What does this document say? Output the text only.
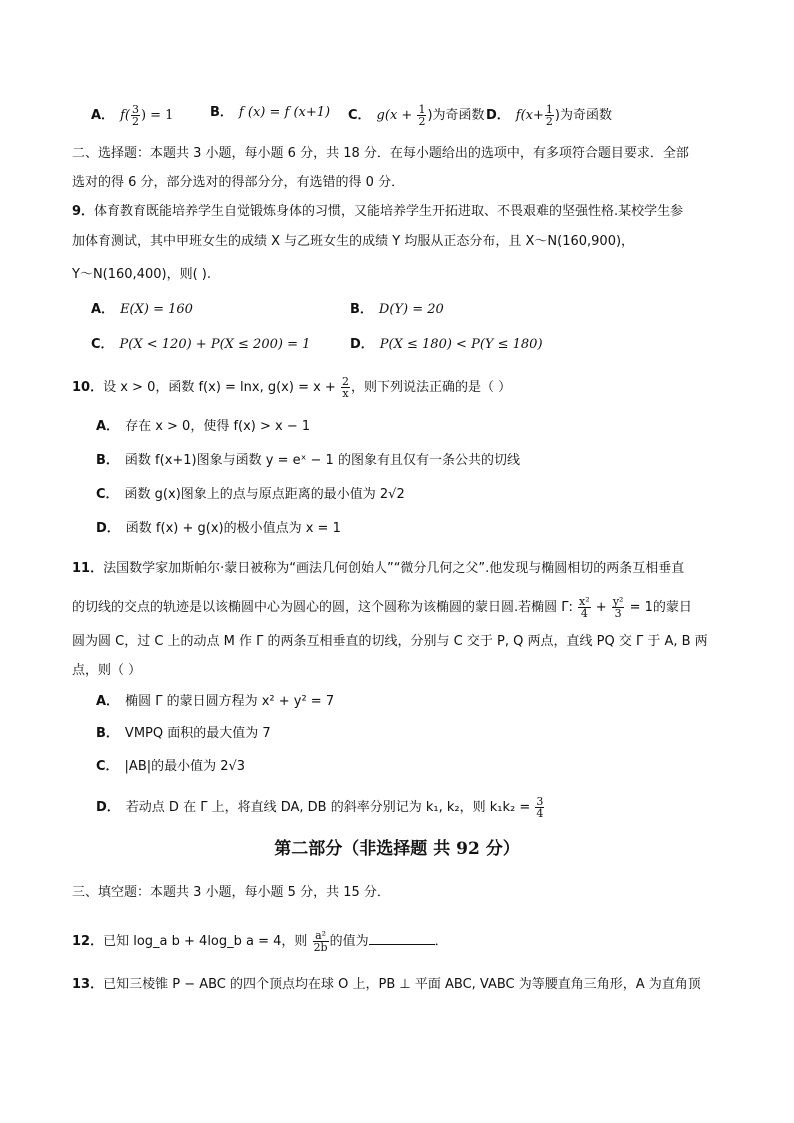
A． $f( \frac{3}{2}$ ) = 1	B． f (x) = f (x+1) C． $g(x + \frac{1}{2}$ )为奇函数 D． $f(x+ \frac{1}{2}$ )为奇函数
二、选择题：本题共 3 小题，每小题 6 分，共 18 分．在每小题给出的选项中，有多项符合题目要求．全部
选对的得 6 分，部分选对的得部分分，有选错的得 0 分．
9．体育教育既能培养学生自觉锻炼身体的习惯，又能培养学生开拓进取、不畏艰难的坚强性格.某校学生参
加体育测试，其中甲班女生的成绩 X 与乙班女生的成绩 Y 均服从正态分布，且 X～N(160,900)，
Y～N(160,400)，则( ).
A． E(X) = 160	B． D(Y) = 20
C． P(X < 120) + P(X ≤ 200) = 1	D． P(X ≤ 180) < P(Y ≤ 180)
10．设 x > 0，函数 f(x) = lnx, $g(x) = x + \frac{2}{x}$ ，则下列说法正确的是（ ）
A． 存在 x > 0，使得 f(x) > x − 1
B． 函数 f(x+1)图象与函数 y = eˣ − 1 的图象有且仅有一条公共的切线
C． 函数 g(x)图象上的点与原点距离的最小值为 2√2
D． 函数 f(x) + g(x)的极小值点为 x = 1
11．法国数学家加斯帕尔·蒙日被称为“画法几何创始人”“微分几何之父”.他发现与椭圆相切的两条互相垂直
的切线的交点的轨迹是以该椭圆中心为圆心的圆，这个圆称为该椭圆的蒙日圆.若椭圆 Γ: $\frac{\text{x²}}{4} + \frac{\text{y²}}{3} = 1$的蒙日
圆为圆 C，过 C 上的动点 M 作 Γ 的两条互相垂直的切线，分别与 C 交于 P, Q 两点，直线 PQ 交 Γ 于 A, B 两
点，则（ ）
A． 椭圆 Γ 的蒙日圆方程为 x² + y² = 7
B． VMPQ 面积的最大值为 7
C． |AB|的最小值为 2√3
D． 若动点 D 在 Γ 上，将直线 DA, DB 的斜率分别记为 k₁, k₂，则 $k_1k_2 = \frac{3}{4}$
第二部分（非选择题 共 92 分）
三、填空题：本题共 3 小题，每小题 5 分，共 15 分．
12．已知 log_a b + 4log_b a = 4，则 $\frac{\text{a²}}{2b}$ 的值为	．
13．已知三棱锥 P − ABC 的四个顶点均在球 O 上，PB ⊥ 平面 ABC, VABC 为等腰直角三角形，A 为直角顶
